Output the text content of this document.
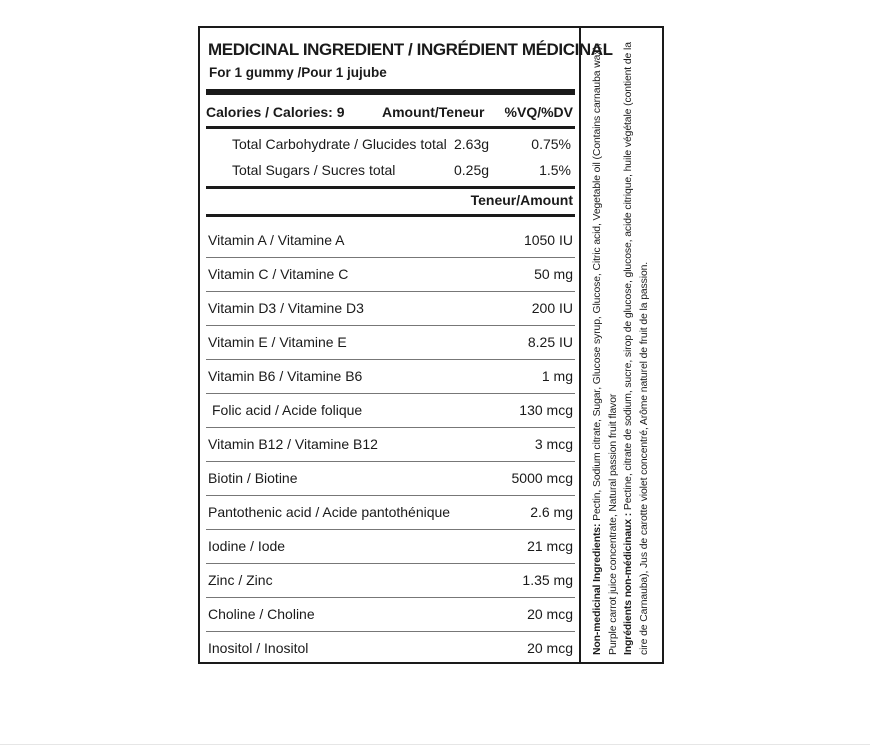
MEDICINAL INGREDIENT / INGRÉDIENT MÉDICINAL
For 1 gummy /Pour 1 jujube
Calories / Calories: 9	Amount/Teneur %VQ/%DV
Total Carbohydrate / Glucides total 2.63g	0.75%
Total Sugars / Sucres total	0.25g	1.5%
Teneur/Amount
Vitamin A / Vitamine A	1050 IU
Vitamin C / Vitamine C	50 mg
Vitamin D3 / Vitamine D3	200 IU
Vitamin E / Vitamine E	8.25 IU
Vitamin B6 / Vitamine B6	1 mg
Folic acid / Acide folique	130 mcg
Vitamin B12 / Vitamine B12	3 mcg
Biotin / Biotine	5000 mcg
Pantothenic acid / Acide pantothénique	2.6 mg
Iodine / Iode	21 mcg
Zinc / Zinc	1.35 mg
Choline / Choline	20 mcg
Inositol / Inositol	20 mcg Non-medicinal Ingredients: Pectin, Sodium citrate, Sugar, Glucose syrup, Glucose, Citric acid, Vegetable oil (Contains carnauba wax), Purple carrot juice concentrate, Natural passion fruit flavor Ingrédients non-médicinaux : Pectine, citrate de sodium, sucre, sirop de glucose, glucose, acide citrique, huile végétale (contient de la cire de Carnauba), Jus de carotte violet concentré, Arôme naturel de fruit de la passion.
